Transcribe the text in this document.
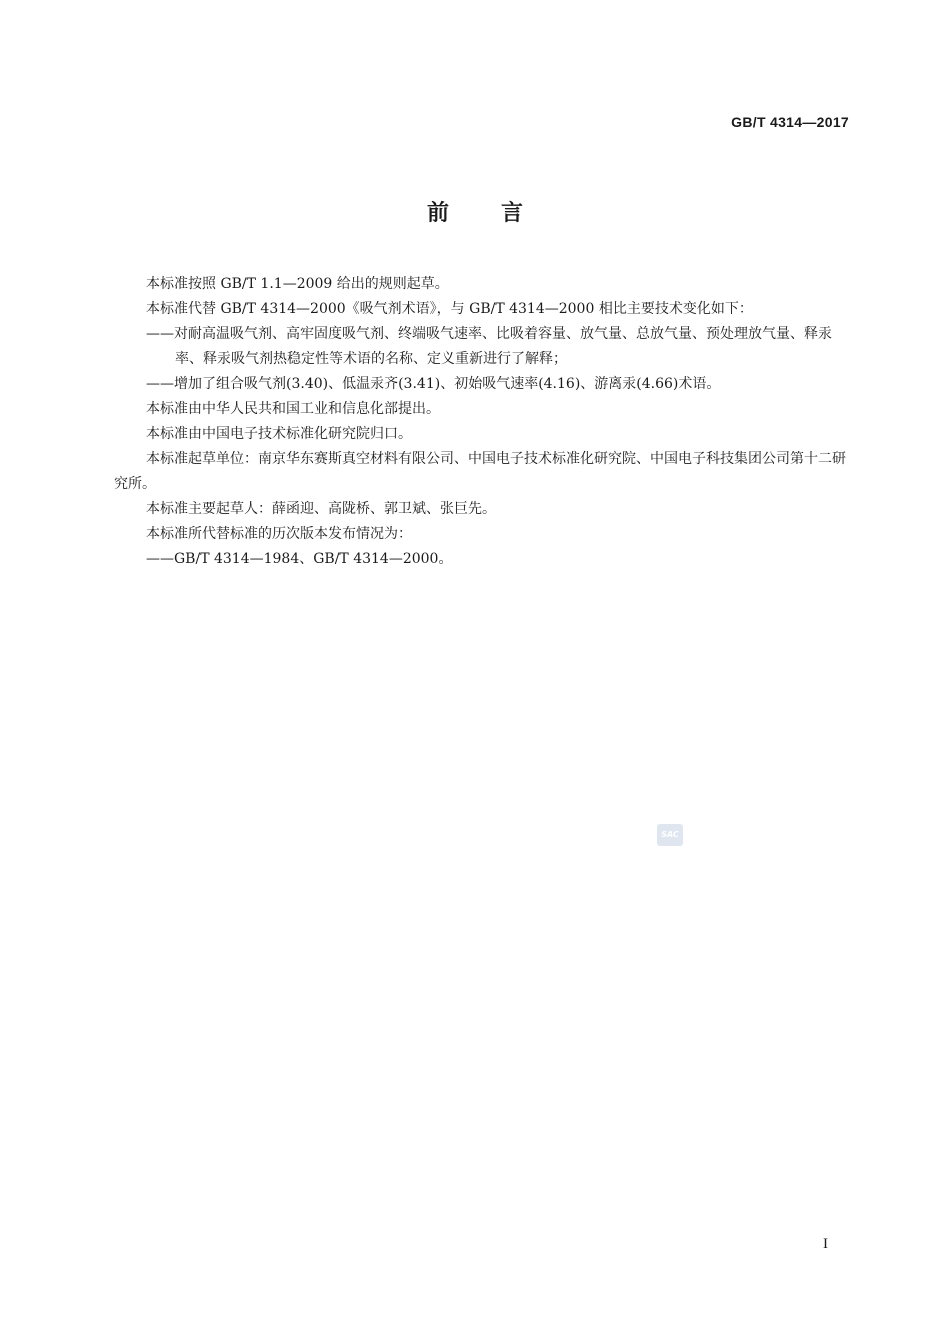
GB/T 4314—2017
前言

本标准按照 GB/T 1.1—2009 给出的规则起草。

本标准代替 GB/T 4314—2000《吸气剂术语》，与 GB/T 4314—2000 相比主要技术变化如下：

——对耐高温吸气剂、高牢固度吸气剂、终端吸气速率、比吸着容量、放气量、总放气量、预处理放气量、释汞率、释汞吸气剂热稳定性等术语的名称、定义重新进行了解释；

——增加了组合吸气剂(3.40)、低温汞齐(3.41)、初始吸气速率(4.16)、游离汞(4.66)术语。

本标准由中华人民共和国工业和信息化部提出。

本标准由中国电子技术标准化研究院归口。

本标准起草单位：南京华东赛斯真空材料有限公司、中国电子技术标准化研究院、中国电子科技集团公司第十二研究所。

本标准主要起草人：薛函迎、高陇桥、郭卫斌、张巨先。

本标准所代替标准的历次版本发布情况为：

——GB/T 4314—1984、GB/T 4314—2000。

SAC
I
